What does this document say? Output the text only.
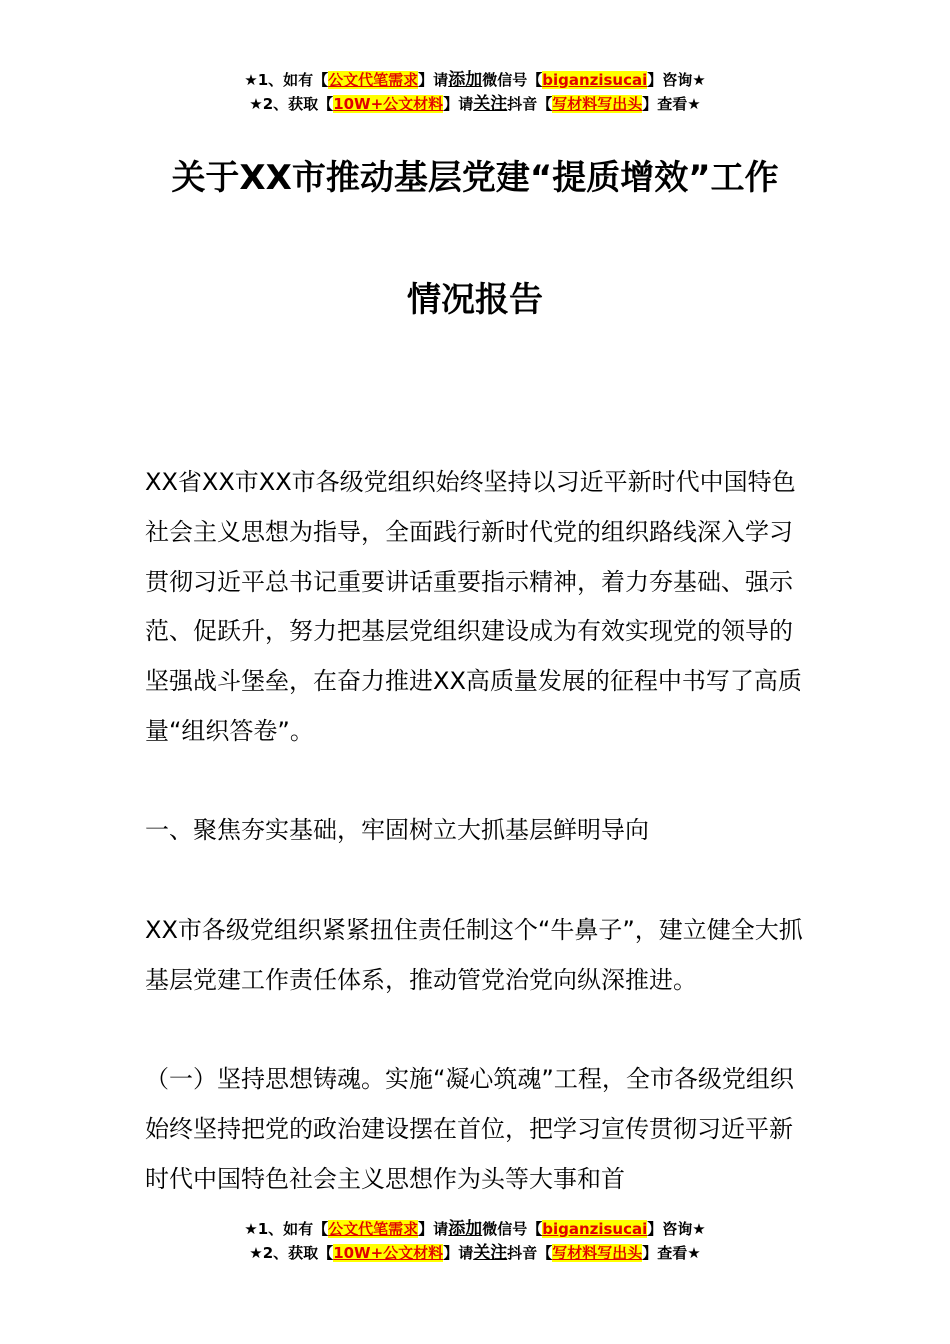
★1、如有【公文代笔需求】请添加微信号【biganzisucai】咨询★
★2、获取【10W+公文材料】请关注抖音【写材料写出头】查看★
关于XX市推动基层党建“提质增效”工作
情况报告
XX省XX市XX市各级党组织始终坚持以习近平新时代中国特色社会主义思想为指导，全面践行新时代党的组织路线深入学习贯彻习近平总书记重要讲话重要指示精神，着力夯基础、强示范、促跃升，努力把基层党组织建设成为有效实现党的领导的坚强战斗堡垒，在奋力推进XX高质量发展的征程中书写了高质量“组织答卷”。
一、聚焦夯实基础，牢固树立大抓基层鲜明导向
XX市各级党组织紧紧扭住责任制这个“牛鼻子”，建立健全大抓基层党建工作责任体系，推动管党治党向纵深推进。
（一）坚持思想铸魂。实施“凝心筑魂”工程，全市各级党组织始终坚持把党的政治建设摆在首位，把学习宣传贯彻习近平新时代中国特色社会主义思想作为头等大事和首
★1、如有【公文代笔需求】请添加微信号【biganzisucai】咨询★
★2、获取【10W+公文材料】请关注抖音【写材料写出头】查看★
